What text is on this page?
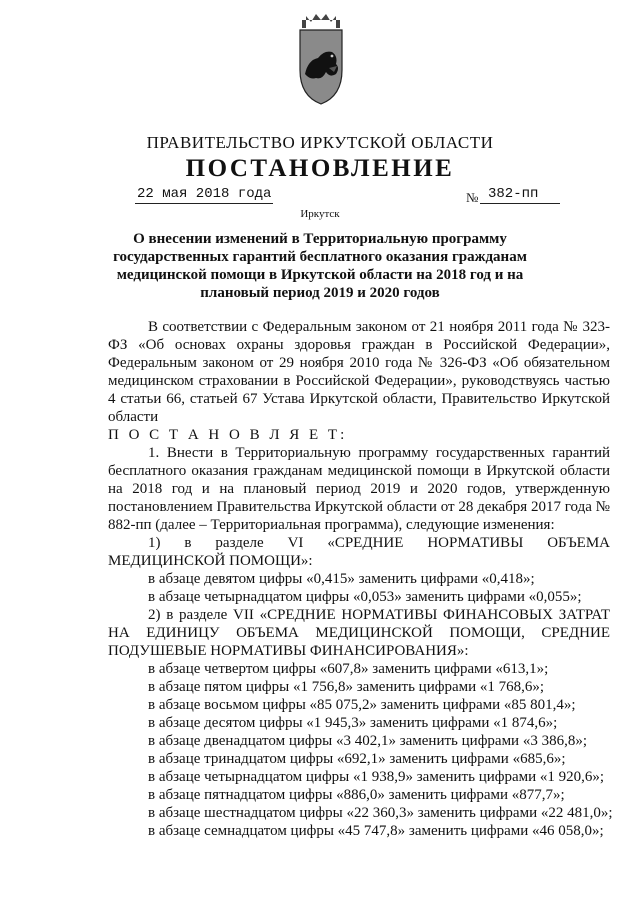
ПРАВИТЕЛЬСТВО ИРКУТСКОЙ ОБЛАСТИ
ПОСТАНОВЛЕНИЕ
22 мая 2018 года	№ 382-пп
Иркутск
О внесении изменений в Территориальную программу государственных гарантий бесплатного оказания гражданам медицинской помощи в Иркутской области на 2018 год и на плановый период 2019 и 2020 годов

В соответствии с Федеральным законом от 21 ноября 2011 года № 323-ФЗ «Об основах охраны здоровья граждан в Российской Федерации», Федеральным законом от 29 ноября 2010 года № 326-ФЗ «Об обязательном медицинском страховании в Российской Федерации», руководствуясь частью 4 статьи 66, статьей 67 Устава Иркутской области, Правительство Иркутской области

П О С Т А Н О В Л Я Е Т:

1. Внести в Территориальную программу государственных гарантий бесплатного оказания гражданам медицинской помощи в Иркутской области на 2018 год и на плановый период 2019 и 2020 годов, утвержденную постановлением Правительства Иркутской области от 28 декабря 2017 года № 882-пп (далее – Территориальная программа), следующие изменения:

1) в разделе VI «СРЕДНИЕ НОРМАТИВЫ ОБЪЕМА МЕДИЦИНСКОЙ ПОМОЩИ»:

в абзаце девятом цифры «0,415» заменить цифрами «0,418»;

в абзаце четырнадцатом цифры «0,053» заменить цифрами «0,055»;

2) в разделе VII «СРЕДНИЕ НОРМАТИВЫ ФИНАНСОВЫХ ЗАТРАТ НА ЕДИНИЦУ ОБЪЕМА МЕДИЦИНСКОЙ ПОМОЩИ, СРЕДНИЕ ПОДУШЕВЫЕ НОРМАТИВЫ ФИНАНСИРОВАНИЯ»:

в абзаце четвертом цифры «607,8» заменить цифрами «613,1»;

в абзаце пятом цифры «1 756,8» заменить цифрами «1 768,6»;

в абзаце восьмом цифры «85 075,2» заменить цифрами «85 801,4»;

в абзаце десятом цифры «1 945,3» заменить цифрами «1 874,6»;

в абзаце двенадцатом цифры «3 402,1» заменить цифрами «3 386,8»;

в абзаце тринадцатом цифры «692,1» заменить цифрами «685,6»;

в абзаце четырнадцатом цифры «1 938,9» заменить цифрами «1 920,6»;

в абзаце пятнадцатом цифры «886,0» заменить цифрами «877,7»;

в абзаце шестнадцатом цифры «22 360,3» заменить цифрами «22 481,0»;

в абзаце семнадцатом цифры «45 747,8» заменить цифрами «46 058,0»;
